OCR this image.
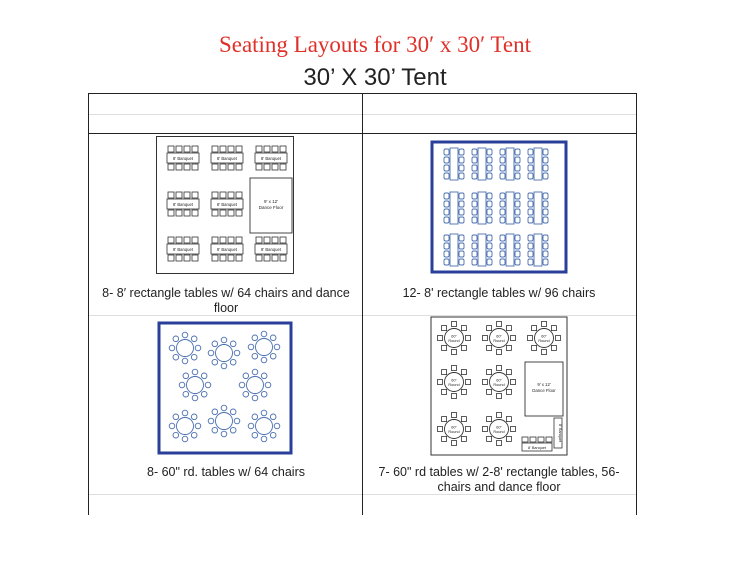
Seating Layouts for 30′ x 30′ Tent
30’ X 30’ Tent
8' Banquet	8' Banquet	8' Banquet
8' Banquet	8' Banquet
8' Banquet	8' Banquet	8' Banquet
9' x 12'
Dance Floor
8- 8′ rectangle tables w/ 64 chairs and dance floor
12- 8' rectangle tables w/ 96 chairs
8- 60" rd. tables w/ 64 chairs
60"
Round
60"
Round
60"
Round
60"
Round
60"
Round
60"
Round
60"
Round
9' x 12'
Dance Floor
8' Banquet
8' Banquet
7- 60" rd tables w/ 2-8' rectangle tables, 56- chairs and dance floor
